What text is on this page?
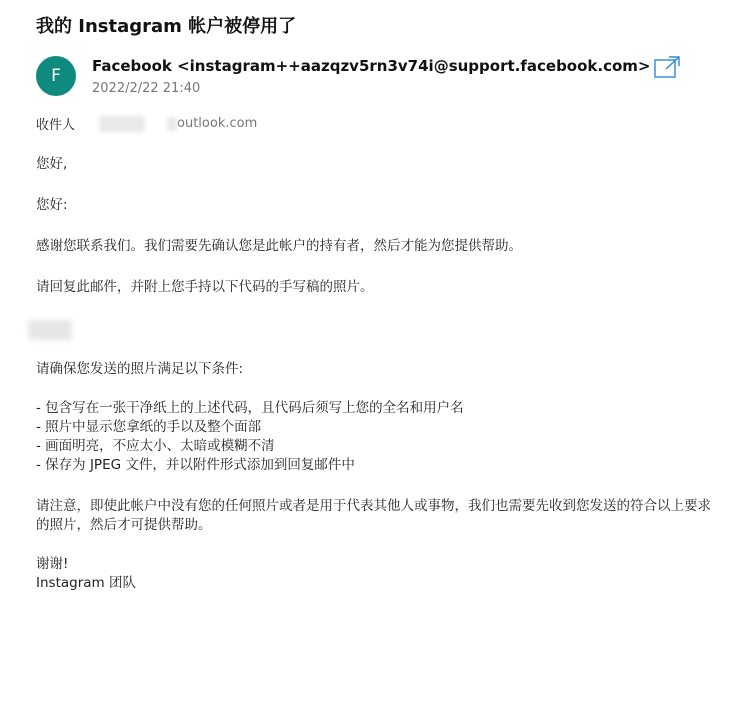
我的 Instagram 帐户被停用了
F Facebook <instagram++aazqzv5rn3v74i@support.facebook.com>
2022/2/22 21:40
收件人	outlook.com

您好,

您好:

感谢您联系我们。我们需要先确认您是此帐户的持有者，然后才能为您提供帮助。

请回复此邮件，并附上您手持以下代码的手写稿的照片。

请确保您发送的照片满足以下条件:

- 包含写在一张干净纸上的上述代码，且代码后须写上您的全名和用户名

- 照片中显示您拿纸的手以及整个面部

- 画面明亮，不应太小、太暗或模糊不清

- 保存为 JPEG 文件，并以附件形式添加到回复邮件中

请注意，即使此帐户中没有您的任何照片或者是用于代表其他人或事物，我们也需要先收到您发送的符合以上要求的照片，然后才可提供帮助。

谢谢!

Instagram 团队
